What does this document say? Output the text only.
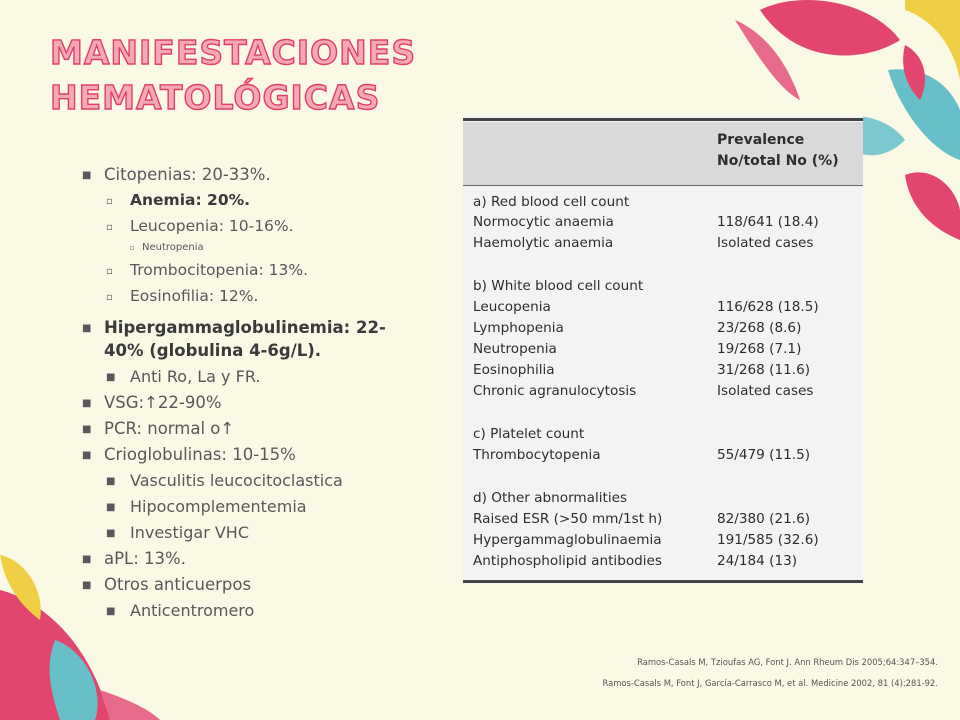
MANIFESTACIONES
HEMATOLÓGICAS
■ Citopenias: 20-33%.
▫ Anemia: 20%.
▫ Leucopenia: 10-16%.
▫ Neutropenia
▫ Trombocitopenia: 13%.
▫ Eosinofilia: 12%.
■ Hipergammaglobulinemia: 22-40% (globulina 4-6g/L).
■ Anti Ro, La y FR.
■ VSG:↑22-90%
■ PCR: normal o↑
■ Crioglobulinas: 10-15%
■ Vasculitis leucocitoclastica
■ Hipocomplementemia
■ Investigar VHC
■ aPL: 13%.
■ Otros anticuerpos
■ Anticentromero
Prevalence
No/total No (%)
a) Red blood cell count
Normocytic anaemia	118/641 (18.4)
Haemolytic anaemia	Isolated cases
b) White blood cell count
Leucopenia	116/628 (18.5)
Lymphopenia	23/268 (8.6)
Neutropenia	19/268 (7.1)
Eosinophilia	31/268 (11.6)
Chronic agranulocytosis	Isolated cases
c) Platelet count
Thrombocytopenia	55/479 (11.5)
d) Other abnormalities
Raised ESR (>50 mm/1st h)	82/380 (21.6)
Hypergammaglobulinaemia	191/585 (32.6)
Antiphospholipid antibodies	24/184 (13)
Ramos-Casals M, Tzioufas AG, Font J. Ann Rheum Dis 2005;64:347–354.
Ramos-Casals M, Font J, García-Carrasco M, et al. Medicine 2002, 81 (4):281-92.
